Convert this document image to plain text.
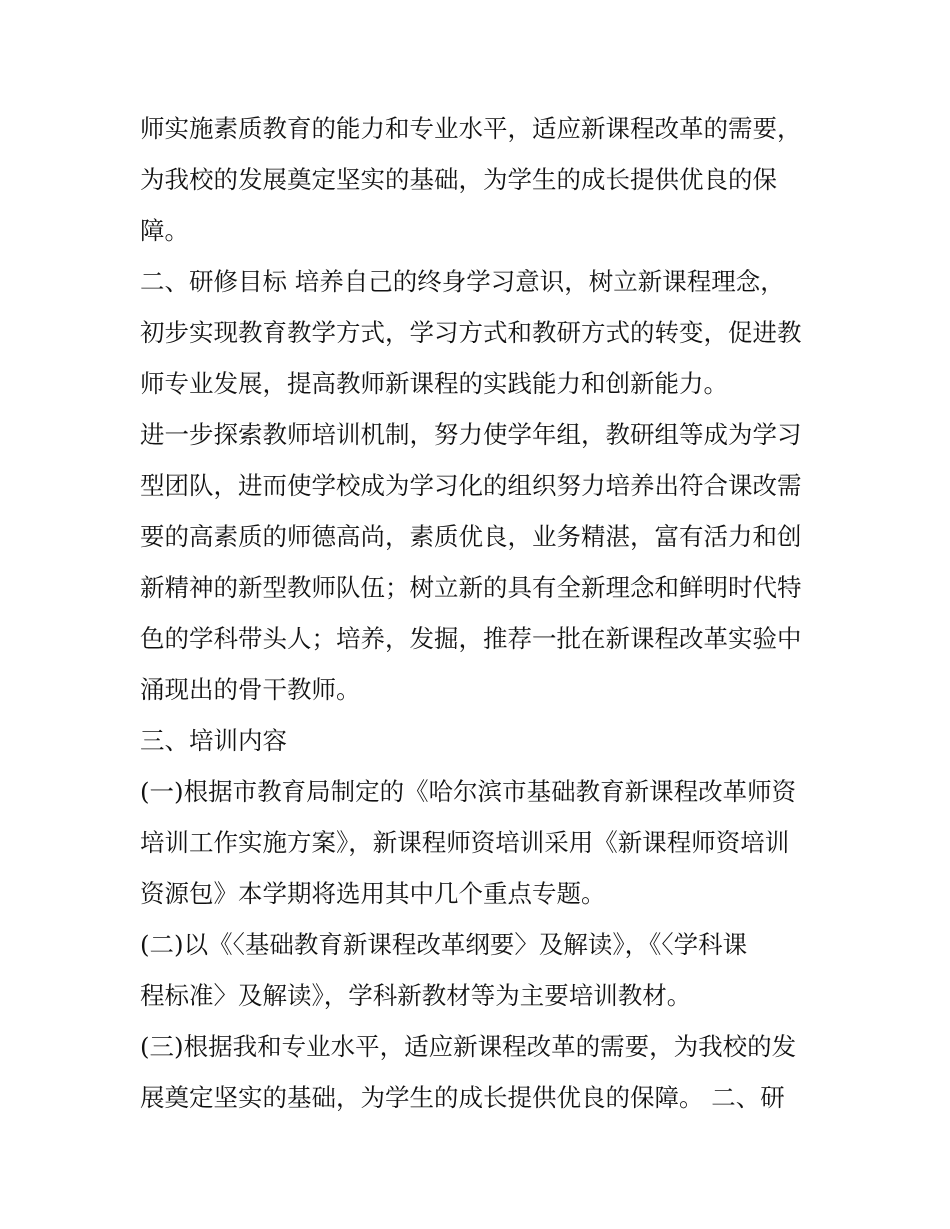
师实施素质教育的能力和专业水平，适应新课程改革的需要，
为我校的发展奠定坚实的基础，为学生的成长提供优良的保
障。
二、研修目标 培养自己的终身学习意识，树立新课程理念，
初步实现教育教学方式，学习方式和教研方式的转变，促进教
师专业发展，提高教师新课程的实践能力和创新能力。
进一步探索教师培训机制，努力使学年组，教研组等成为学习
型团队，进而使学校成为学习化的组织努力培养出符合课改需
要的高素质的师德高尚，素质优良，业务精湛，富有活力和创
新精神的新型教师队伍；树立新的具有全新理念和鲜明时代特
色的学科带头人；培养，发掘，推荐一批在新课程改革实验中
涌现出的骨干教师。
三、培训内容
(一)根据市教育局制定的《哈尔滨市基础教育新课程改革师资
培训工作实施方案》，新课程师资培训采用《新课程师资培训
资源包》本学期将选用其中几个重点专题。
(二)以《〈基础教育新课程改革纲要〉及解读》，《〈学科课
程标准〉及解读》，学科新教材等为主要培训教材。
(三)根据我和专业水平，适应新课程改革的需要，为我校的发
展奠定坚实的基础，为学生的成长提供优良的保障。 二、研
